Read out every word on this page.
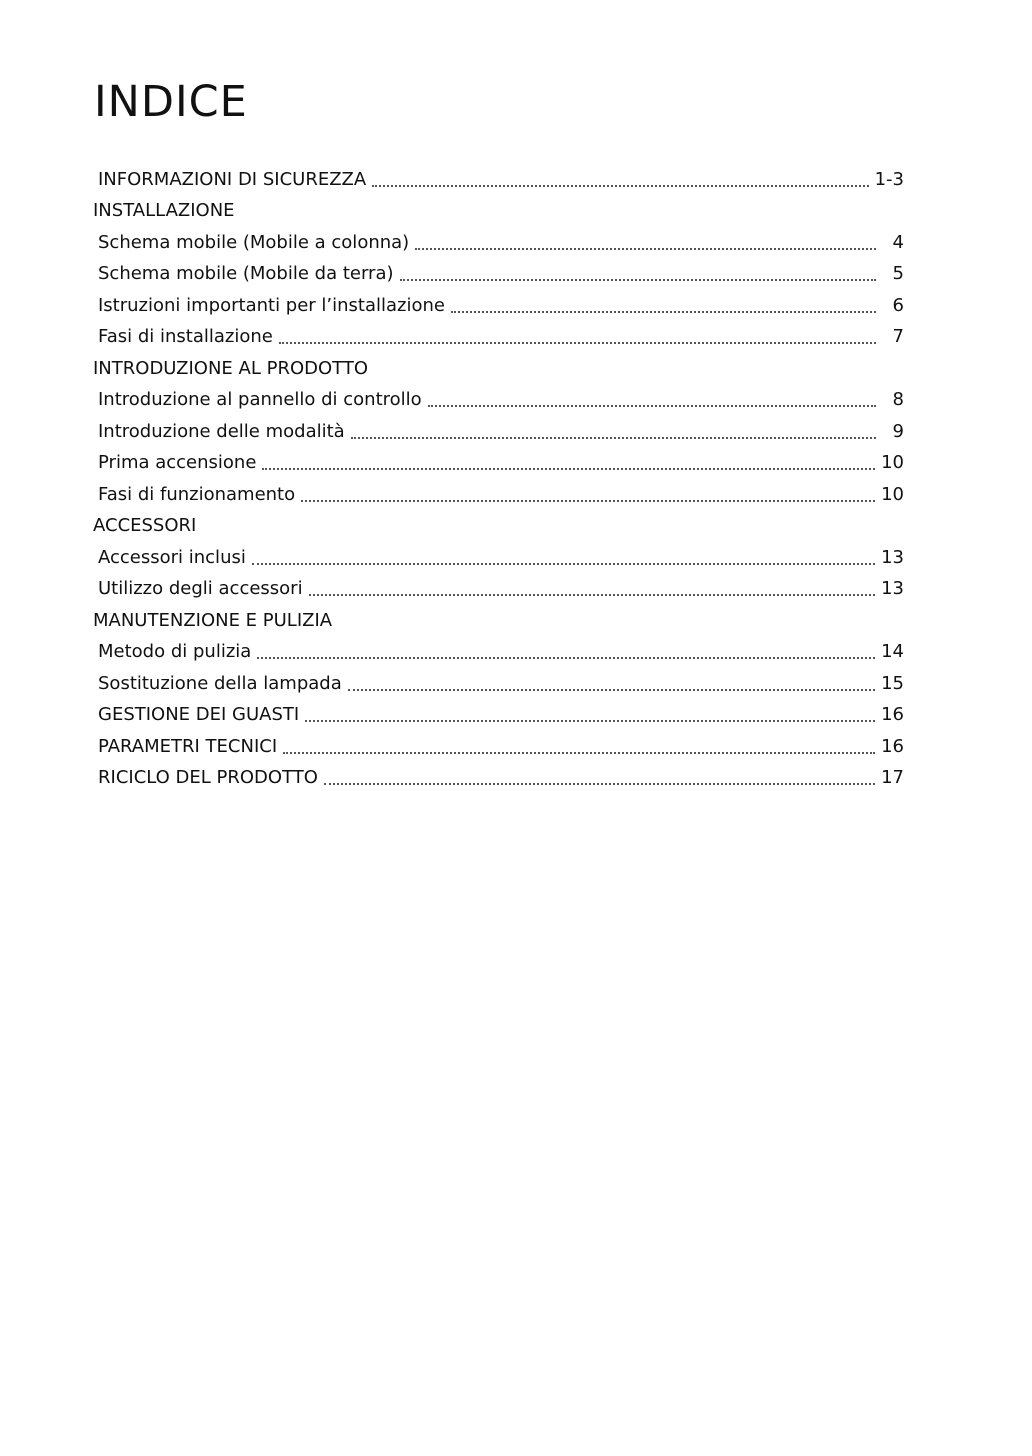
INDICE
INFORMAZIONI DI SICUREZZA	1-3
INSTALLAZIONE
Schema mobile (Mobile a colonna)	4
Schema mobile (Mobile da terra)	5
Istruzioni importanti per l’installazione	6
Fasi di installazione	7
INTRODUZIONE AL PRODOTTO
Introduzione al pannello di controllo	8
Introduzione delle modalità	9
Prima accensione	10
Fasi di funzionamento	10
ACCESSORI
Accessori inclusi	13
Utilizzo degli accessori	13
MANUTENZIONE E PULIZIA
Metodo di pulizia	14
Sostituzione della lampada	15
GESTIONE DEI GUASTI	16
PARAMETRI TECNICI	16
RICICLO DEL PRODOTTO	17
